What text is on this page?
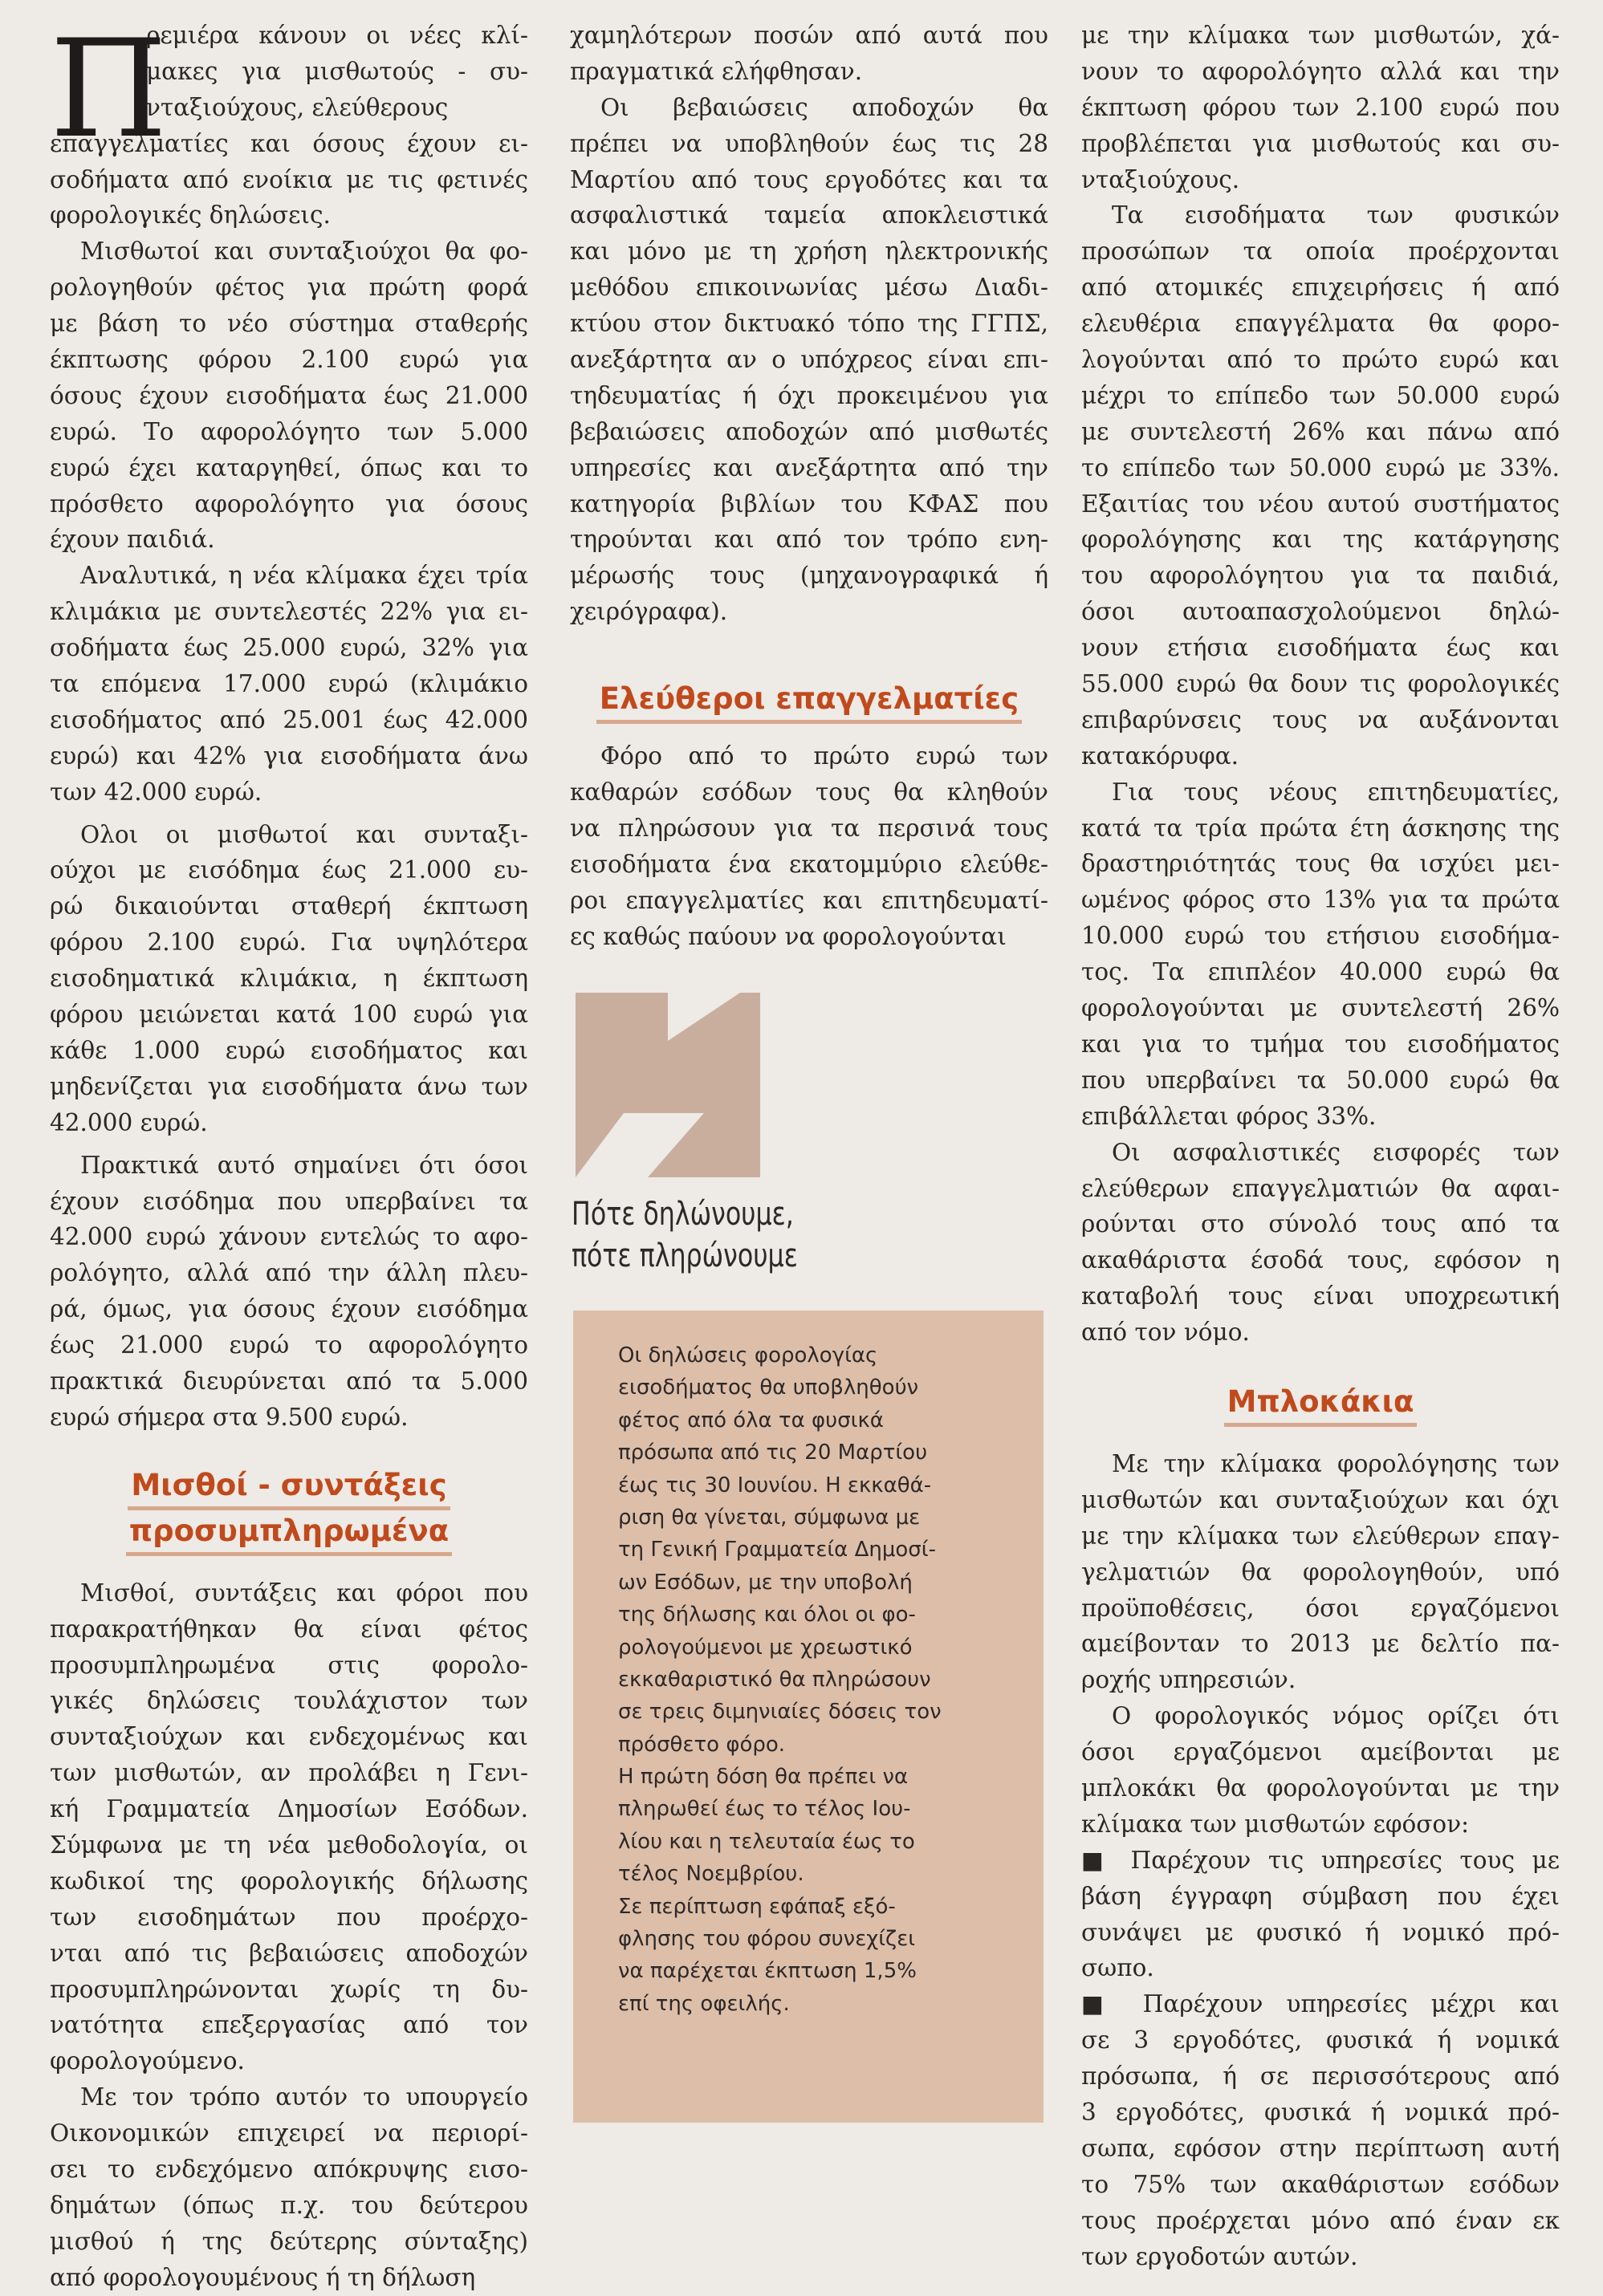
Π
ρεμιέρα κάνουν οι νέες κλί-
μακες για μισθωτούς - συ-
νταξιούχους, ελεύθερους
επαγγελματίες και όσους έχουν ει-
σοδήματα από ενοίκια με τις φετινές
φορολογικές δηλώσεις.
Μισθωτοί και συνταξιούχοι θα φο-
ρολογηθούν φέτος για πρώτη φορά
με βάση το νέο σύστημα σταθερής
έκπτωσης φόρου 2.100 ευρώ για
όσους έχουν εισοδήματα έως 21.000
ευρώ. Το αφορολόγητο των 5.000
ευρώ έχει καταργηθεί, όπως και το
πρόσθετο αφορολόγητο για όσους
έχουν παιδιά.
Αναλυτικά, η νέα κλίμακα έχει τρία
κλιμάκια με συντελεστές 22% για ει-
σοδήματα έως 25.000 ευρώ, 32% για
τα επόμενα 17.000 ευρώ (κλιμάκιο
εισοδήματος από 25.001 έως 42.000
ευρώ) και 42% για εισοδήματα άνω
των 42.000 ευρώ.
Ολοι οι μισθωτοί και συνταξι-
ούχοι με εισόδημα έως 21.000 ευ-
ρώ δικαιούνται σταθερή έκπτωση
φόρου 2.100 ευρώ. Για υψηλότερα
εισοδηματικά κλιμάκια, η έκπτωση
φόρου μειώνεται κατά 100 ευρώ για
κάθε 1.000 ευρώ εισοδήματος και
μηδενίζεται για εισοδήματα άνω των
42.000 ευρώ.
Πρακτικά αυτό σημαίνει ότι όσοι
έχουν εισόδημα που υπερβαίνει τα
42.000 ευρώ χάνουν εντελώς το αφο-
ρολόγητο, αλλά από την άλλη πλευ-
ρά, όμως, για όσους έχουν εισόδημα
έως 21.000 ευρώ το αφορολόγητο
πρακτικά διευρύνεται από τα 5.000
ευρώ σήμερα στα 9.500 ευρώ.

Μισθοί - συντάξεις

προσυμπληρωμένα

Μισθοί, συντάξεις και φόροι που
παρακρατήθηκαν θα είναι φέτος
προσυμπληρωμένα στις φορολο-
γικές δηλώσεις τουλάχιστον των
συνταξιούχων και ενδεχομένως και
των μισθωτών, αν προλάβει η Γενι-
κή Γραμματεία Δημοσίων Εσόδων.
Σύμφωνα με τη νέα μεθοδολογία, οι
κωδικοί της φορολογικής δήλωσης
των εισοδημάτων που προέρχο-
νται από τις βεβαιώσεις αποδοχών
προσυμπληρώνονται χωρίς τη δυ-
νατότητα επεξεργασίας από τον
φορολογούμενο.
Με τον τρόπο αυτόν το υπουργείο
Οικονομικών επιχειρεί να περιορί-
σει το ενδεχόμενο απόκρυψης εισο-
δημάτων (όπως π.χ. του δεύτερου
μισθού ή της δεύτερης σύνταξης)
από φορολογουμένους ή τη δήλωση
χαμηλότερων ποσών από αυτά που
πραγματικά ελήφθησαν.
Οι βεβαιώσεις αποδοχών θα
πρέπει να υποβληθούν έως τις 28
Μαρτίου από τους εργοδότες και τα
ασφαλιστικά ταμεία αποκλειστικά
και μόνο με τη χρήση ηλεκτρονικής
μεθόδου επικοινωνίας μέσω Διαδι-
κτύου στον δικτυακό τόπο της ΓΓΠΣ,
ανεξάρτητα αν ο υπόχρεος είναι επι-
τηδευματίας ή όχι προκειμένου για
βεβαιώσεις αποδοχών από μισθωτές
υπηρεσίες και ανεξάρτητα από την
κατηγορία βιβλίων του ΚΦΑΣ που
τηρούνται και από τον τρόπο ενη-
μέρωσής τους (μηχανογραφικά ή
χειρόγραφα).

Ελεύθεροι επαγγελματίες

Φόρο από το πρώτο ευρώ των
καθαρών εσόδων τους θα κληθούν
να πληρώσουν για τα περσινά τους
εισοδήματα ένα εκατομμύριο ελεύθε-
ροι επαγγελματίες και επιτηδευματί-
ες καθώς παύουν να φορολογούνται
Πότε δηλώνουμε,
πότε πληρώνουμε
Οι δηλώσεις φορολογίας
εισοδήματος θα υποβληθούν
φέτος από όλα τα φυσικά
πρόσωπα από τις 20 Μαρτίου
έως τις 30 Ιουνίου. Η εκκαθά-
ριση θα γίνεται, σύμφωνα με
τη Γενική Γραμματεία Δημοσί-
ων Εσόδων, με την υποβολή
της δήλωσης και όλοι οι φο-
ρολογούμενοι με χρεωστικό
εκκαθαριστικό θα πληρώσουν
σε τρεις διμηνιαίες δόσεις τον
πρόσθετο φόρο.
Η πρώτη δόση θα πρέπει να
πληρωθεί έως το τέλος Ιου-
λίου και η τελευταία έως το
τέλος Νοεμβρίου.
Σε περίπτωση εφάπαξ εξό-
φλησης του φόρου συνεχίζει
να παρέχεται έκπτωση 1,5%
επί της οφειλής.
με την κλίμακα των μισθωτών, χά-
νουν το αφορολόγητο αλλά και την
έκπτωση φόρου των 2.100 ευρώ που
προβλέπεται για μισθωτούς και συ-
νταξιούχους.
Τα εισοδήματα των φυσικών
προσώπων τα οποία προέρχονται
από ατομικές επιχειρήσεις ή από
ελευθέρια επαγγέλματα θα φορο-
λογούνται από το πρώτο ευρώ και
μέχρι το επίπεδο των 50.000 ευρώ
με συντελεστή 26% και πάνω από
το επίπεδο των 50.000 ευρώ με 33%.
Εξαιτίας του νέου αυτού συστήματος
φορολόγησης και της κατάργησης
του αφορολόγητου για τα παιδιά,
όσοι αυτοαπασχολούμενοι δηλώ-
νουν ετήσια εισοδήματα έως και
55.000 ευρώ θα δουν τις φορολογικές
επιβαρύνσεις τους να αυξάνονται
κατακόρυφα.
Για τους νέους επιτηδευματίες,
κατά τα τρία πρώτα έτη άσκησης της
δραστηριότητάς τους θα ισχύει μει-
ωμένος φόρος στο 13% για τα πρώτα
10.000 ευρώ του ετήσιου εισοδήμα-
τος. Τα επιπλέον 40.000 ευρώ θα
φορολογούνται με συντελεστή 26%
και για το τμήμα του εισοδήματος
που υπερβαίνει τα 50.000 ευρώ θα
επιβάλλεται φόρος 33%.
Οι ασφαλιστικές εισφορές των
ελεύθερων επαγγελματιών θα αφαι-
ρούνται στο σύνολό τους από τα
ακαθάριστα έσοδά τους, εφόσον η
καταβολή τους είναι υποχρεωτική
από τον νόμο.

Μπλοκάκια

Με την κλίμακα φορολόγησης των
μισθωτών και συνταξιούχων και όχι
με την κλίμακα των ελεύθερων επαγ-
γελματιών θα φορολογηθούν, υπό
προϋποθέσεις, όσοι εργαζόμενοι
αμείβονταν το 2013 με δελτίο πα-
ροχής υπηρεσιών.
Ο φορολογικός νόμος ορίζει ότι
όσοι εργαζόμενοι αμείβονται με
μπλοκάκι θα φορολογούνται με την
κλίμακα των μισθωτών εφόσον:
■ Παρέχουν τις υπηρεσίες τους με
βάση έγγραφη σύμβαση που έχει
συνάψει με φυσικό ή νομικό πρό-
σωπο.
■ Παρέχουν υπηρεσίες μέχρι και
σε 3 εργοδότες, φυσικά ή νομικά
πρόσωπα, ή σε περισσότερους από
3 εργοδότες, φυσικά ή νομικά πρό-
σωπα, εφόσον στην περίπτωση αυτή
το 75% των ακαθάριστων εσόδων
τους προέρχεται μόνο από έναν εκ
των εργοδοτών αυτών.
